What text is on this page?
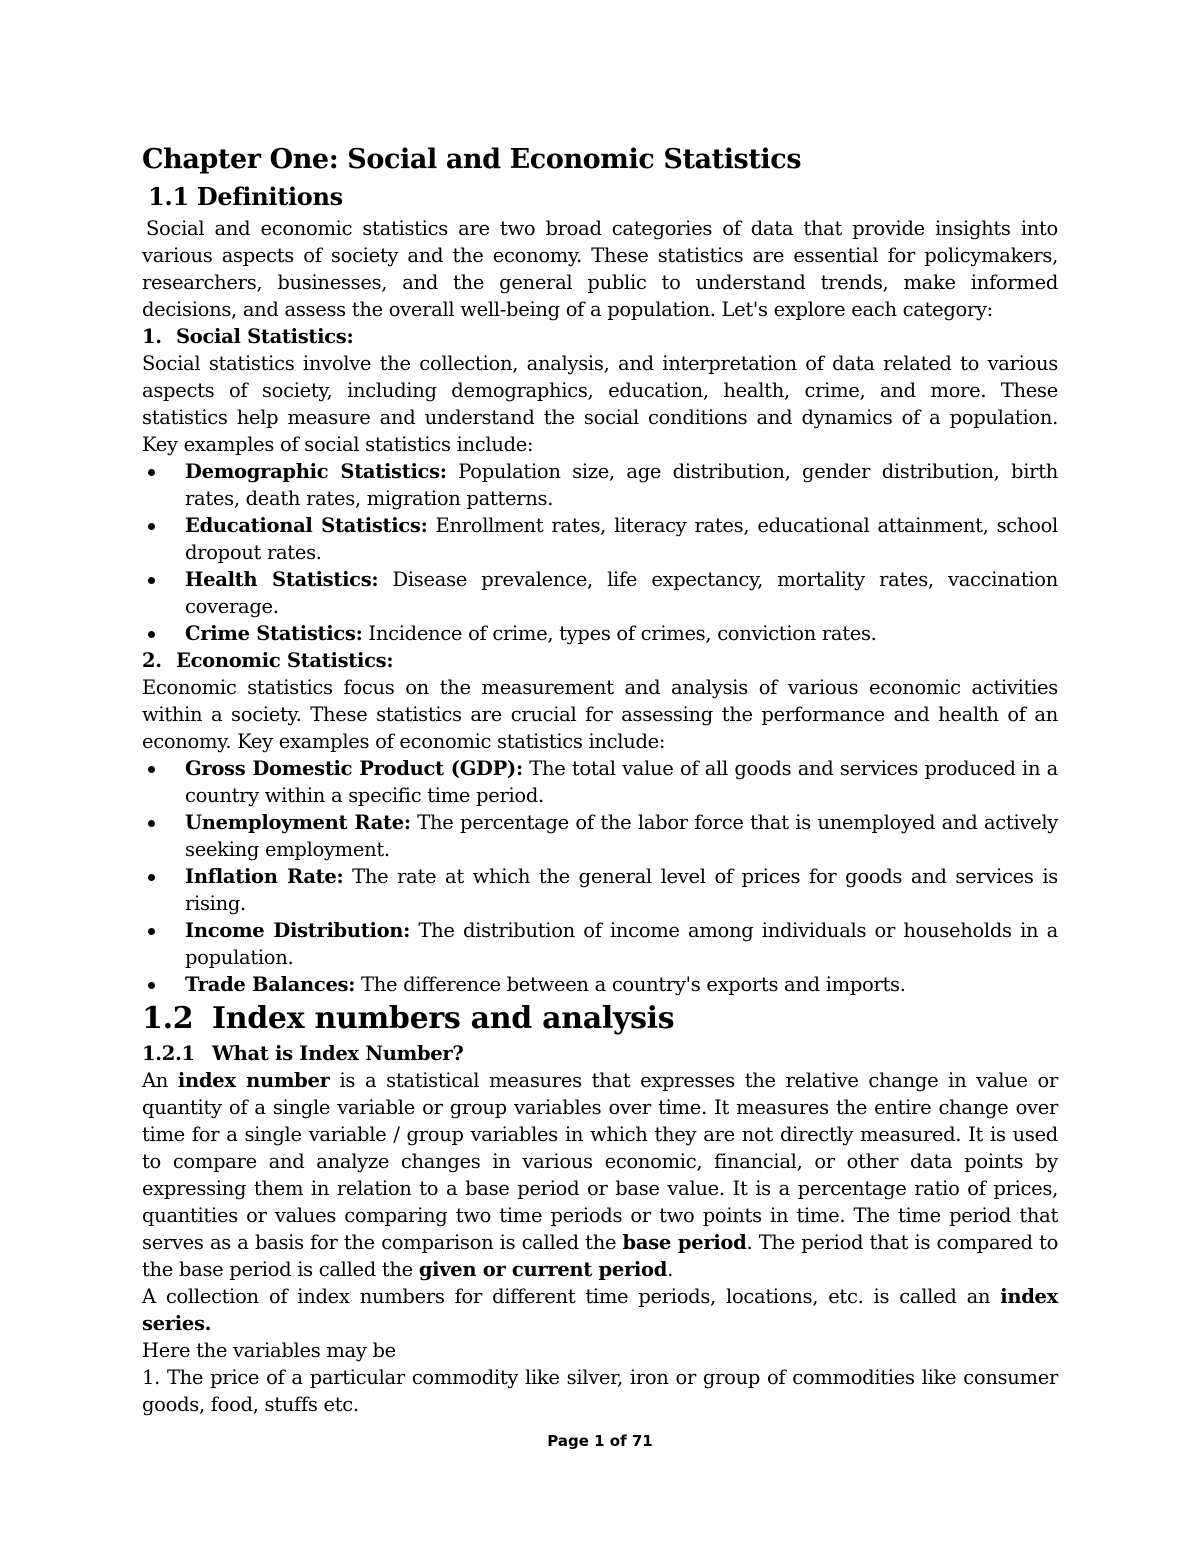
Chapter One: Social and Economic Statistics
1.1 Definitions

Social and economic statistics are two broad categories of data that provide insights into various aspects of society and the economy. These statistics are essential for policymakers, researchers, businesses, and the general public to understand trends, make informed decisions, and assess the overall well-being of a population. Let's explore each category:

1. Social Statistics:

Social statistics involve the collection, analysis, and interpretation of data related to various aspects of society, including demographics, education, health, crime, and more. These statistics help measure and understand the social conditions and dynamics of a population. Key examples of social statistics include:

Demographic Statistics: Population size, age distribution, gender distribution, birth rates, death rates, migration patterns.
Educational Statistics: Enrollment rates, literacy rates, educational attainment, school dropout rates.
Health Statistics: Disease prevalence, life expectancy, mortality rates, vaccination coverage.
Crime Statistics: Incidence of crime, types of crimes, conviction rates.

2. Economic Statistics:

Economic statistics focus on the measurement and analysis of various economic activities within a society. These statistics are crucial for assessing the performance and health of an economy. Key examples of economic statistics include:

Gross Domestic Product (GDP): The total value of all goods and services produced in a country within a specific time period.
Unemployment Rate: The percentage of the labor force that is unemployed and actively seeking employment.
Inflation Rate: The rate at which the general level of prices for goods and services is rising.
Income Distribution: The distribution of income among individuals or households in a population.
Trade Balances: The difference between a country's exports and imports.
1.2 Index numbers and analysis
1.2.1 What is Index Number?

An index number is a statistical measures that expresses the relative change in value or quantity of a single variable or group variables over time. It measures the entire change over time for a single variable / group variables in which they are not directly measured. It is used to compare and analyze changes in various economic, financial, or other data points by expressing them in relation to a base period or base value. It is a percentage ratio of prices, quantities or values comparing two time periods or two points in time. The time period that serves as a basis for the comparison is called the base period. The period that is compared to the base period is called the given or current period.

A collection of index numbers for different time periods, locations, etc. is called an index series.

Here the variables may be

1. The price of a particular commodity like silver, iron or group of commodities like consumer goods, food, stuffs etc.

Page 1 of 71
